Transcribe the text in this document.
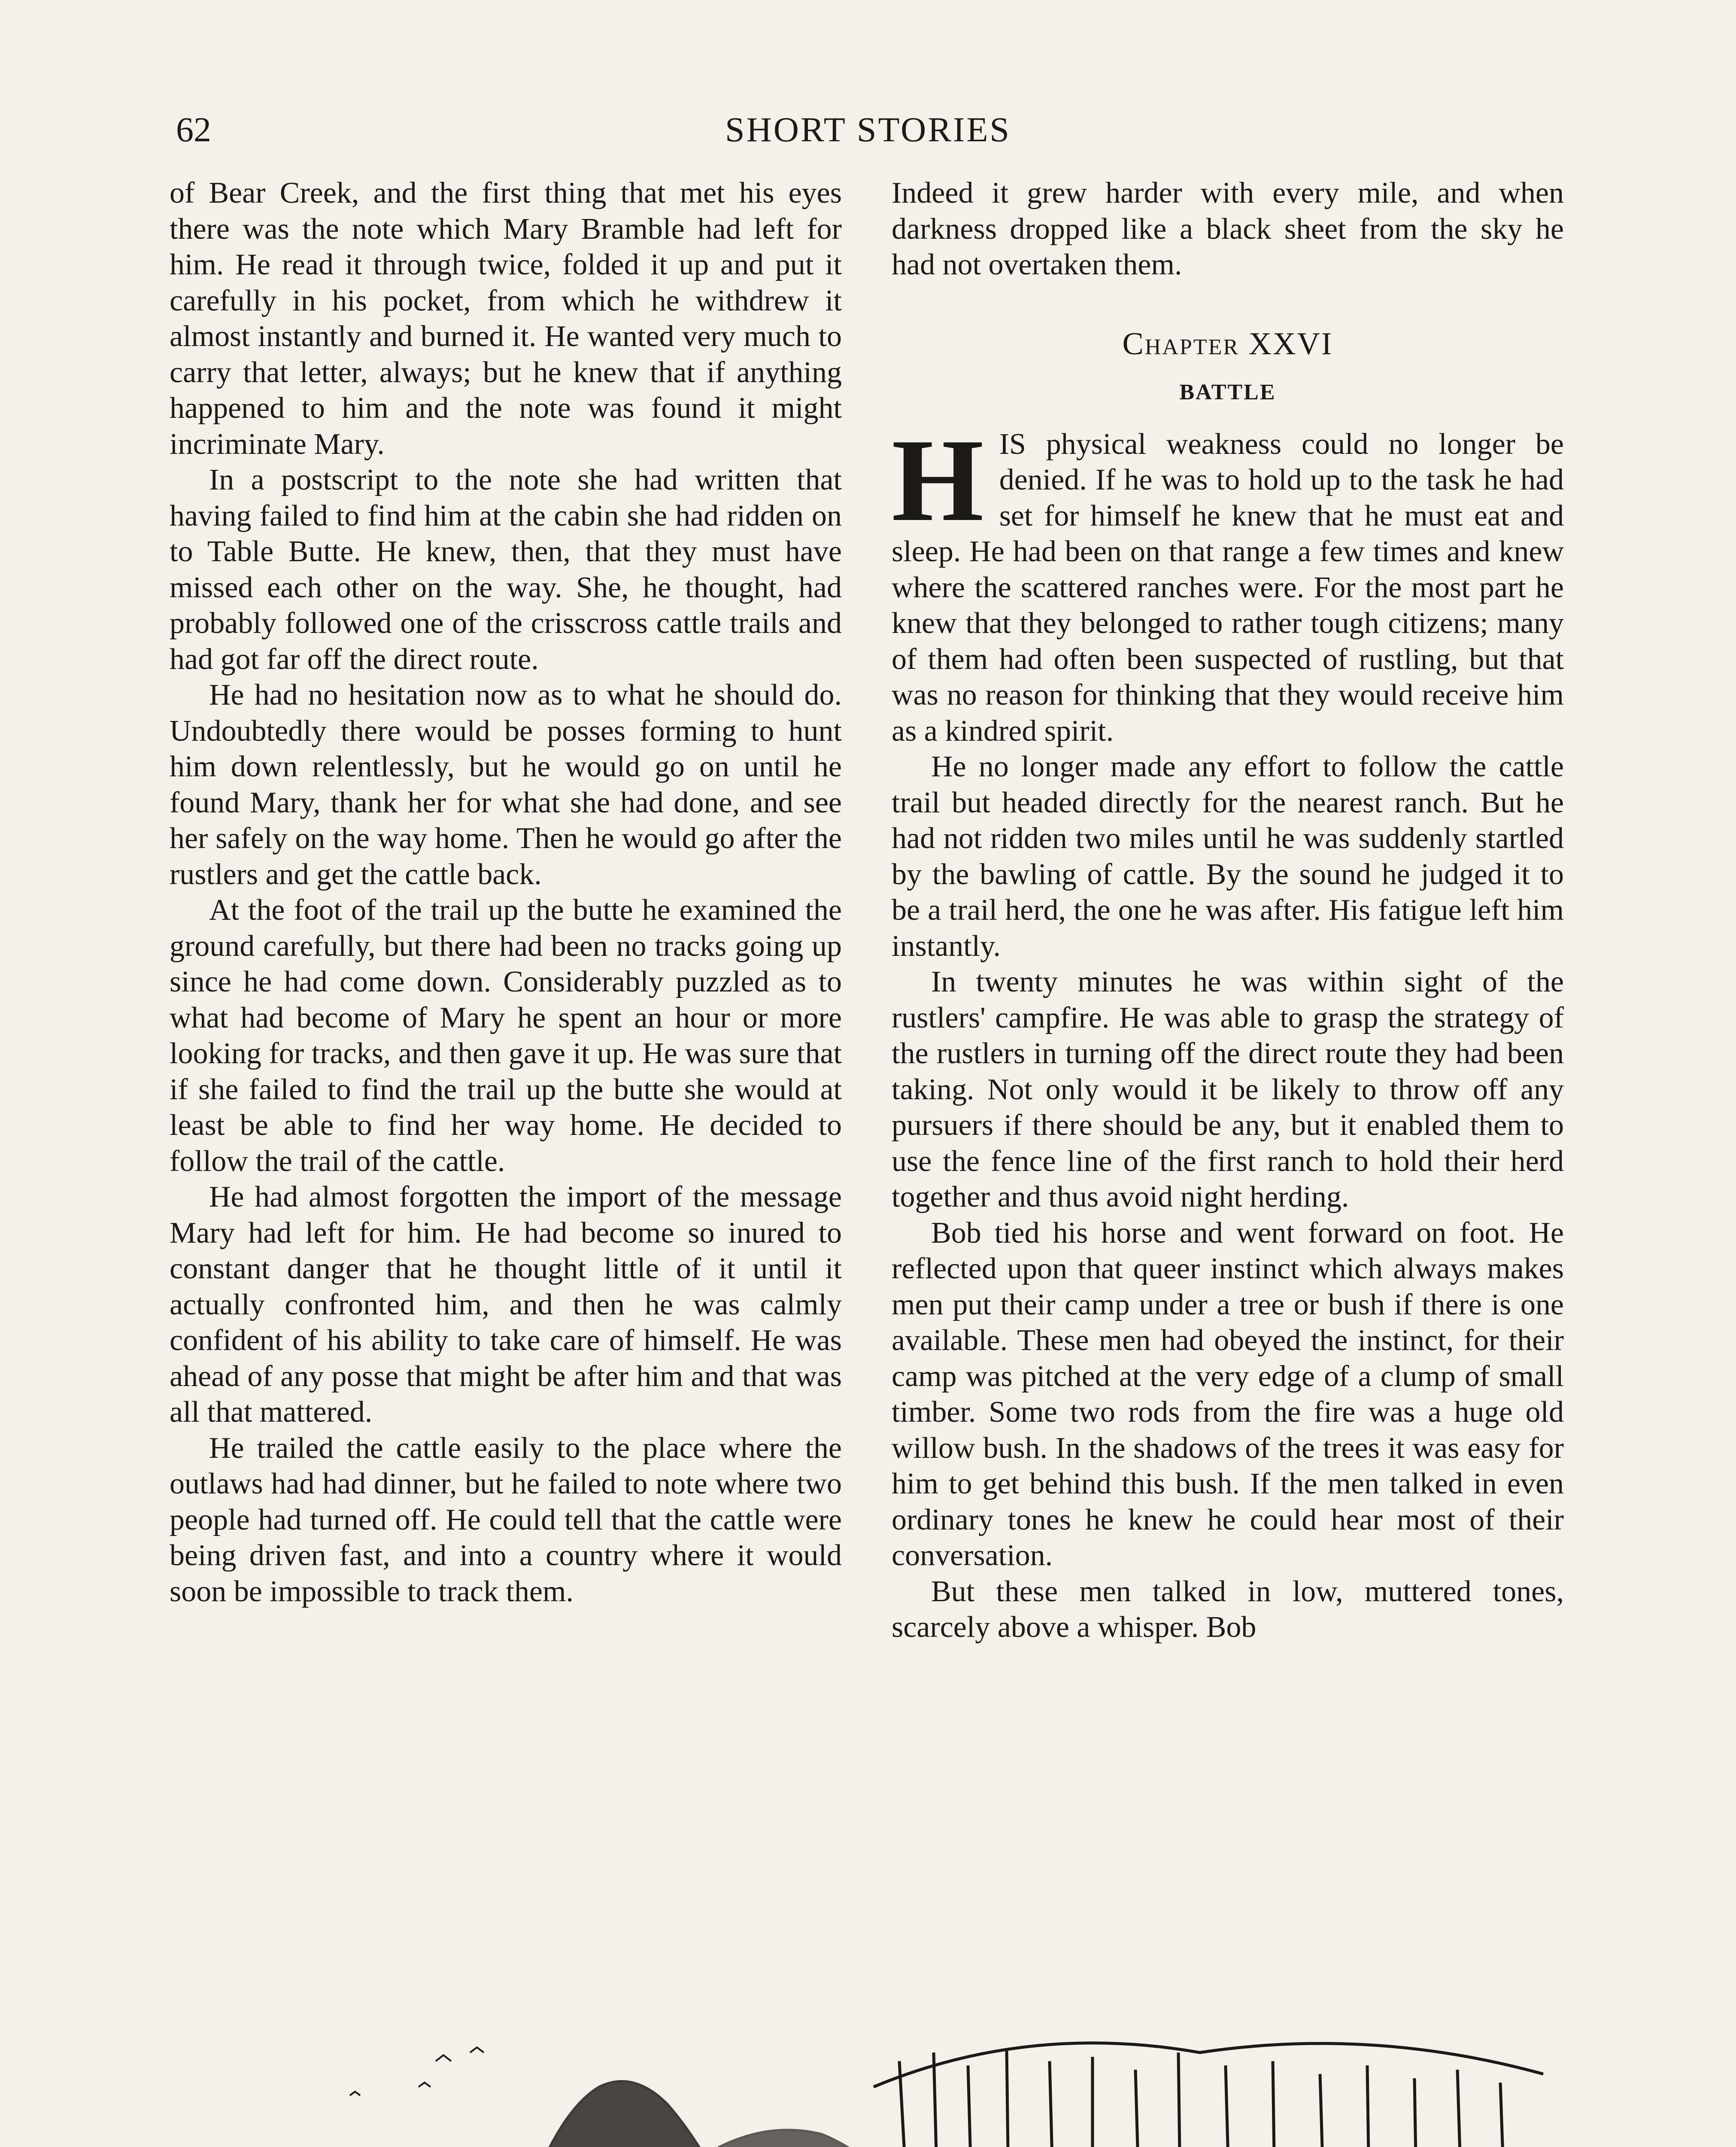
62	SHORT STORIES

of Bear Creek, and the first thing that met his eyes there was the note which Mary Bramble had left for him. He read it through twice, folded it up and put it carefully in his pocket, from which he withdrew it almost instantly and burned it. He wanted very much to carry that letter, always; but he knew that if anything happened to him and the note was found it might incriminate Mary.

In a postscript to the note she had written that having failed to find him at the cabin she had ridden on to Table Butte. He knew, then, that they must have missed each other on the way. She, he thought, had probably followed one of the crisscross cattle trails and had got far off the direct route.

He had no hesitation now as to what he should do. Undoubtedly there would be posses forming to hunt him down relentlessly, but he would go on until he found Mary, thank her for what she had done, and see her safely on the way home. Then he would go after the rustlers and get the cattle back.

At the foot of the trail up the butte he examined the ground carefully, but there had been no tracks going up since he had come down. Considerably puzzled as to what had become of Mary he spent an hour or more looking for tracks, and then gave it up. He was sure that if she failed to find the trail up the butte she would at least be able to find her way home. He decided to follow the trail of the cattle.

He had almost forgotten the import of the message Mary had left for him. He had become so inured to constant danger that he thought little of it until it actually confronted him, and then he was calmly confident of his ability to take care of himself. He was ahead of any posse that might be after him and that was all that mattered.

He trailed the cattle easily to the place where the outlaws had had dinner, but he failed to note where two people had turned off. He could tell that the cattle were being driven fast, and into a country where it would soon be impossible to track them.

Indeed it grew harder with every mile, and when darkness dropped like a black sheet from the sky he had not overtaken them.

Chapter XXVI
BATTLE

HIS physical weakness could no longer be denied. If he was to hold up to the task he had set for himself he knew that he must eat and sleep. He had been on that range a few times and knew where the scattered ranches were. For the most part he knew that they belonged to rather tough citizens; many of them had often been suspected of rustling, but that was no reason for thinking that they would receive him as a kindred spirit.

He no longer made any effort to follow the cattle trail but headed directly for the nearest ranch. But he had not ridden two miles until he was suddenly startled by the bawling of cattle. By the sound he judged it to be a trail herd, the one he was after. His fatigue left him instantly.

In twenty minutes he was within sight of the rustlers' campfire. He was able to grasp the strategy of the rustlers in turning off the direct route they had been taking. Not only would it be likely to throw off any pursuers if there should be any, but it enabled them to use the fence line of the first ranch to hold their herd together and thus avoid night herding.

Bob tied his horse and went forward on foot. He reflected upon that queer instinct which always makes men put their camp under a tree or bush if there is one available. These men had obeyed the instinct, for their camp was pitched at the very edge of a clump of small timber. Some two rods from the fire was a huge old willow bush. In the shadows of the trees it was easy for him to get behind this bush. If the men talked in even ordinary tones he knew he could hear most of their conversation.

But these men talked in low, muttered tones, scarcely above a whisper. Bob
